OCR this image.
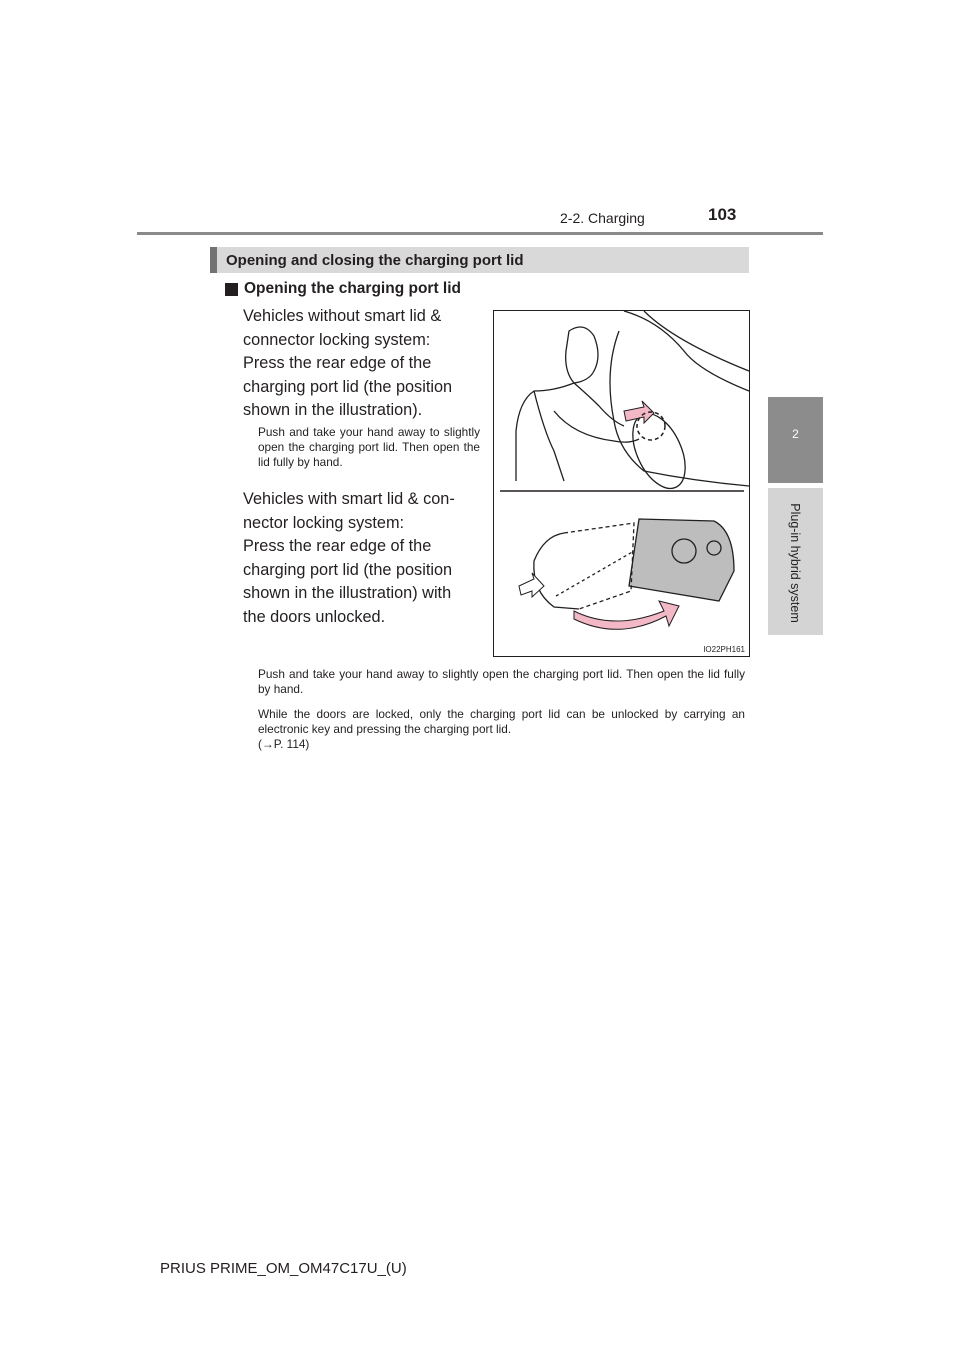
2-2. Charging	103
2
Plug-in hybrid system
Opening and closing the charging port lid
Opening the charging port lid
Vehicles without smart lid &
connector locking system:
Press the rear edge of the
charging port lid (the position
shown in the illustration).
Push and take your hand away to slightly open the charging port lid. Then open the lid fully by hand.
Vehicles with smart lid & con-
nector locking system:
Press the rear edge of the
charging port lid (the position
shown in the illustration) with
the doors unlocked.
Push and take your hand away to slightly open the charging port lid. Then open the lid fully by hand.
While the doors are locked, only the charging port lid can be unlocked by carrying an electronic key and pressing the charging port lid.
(→P. 114)
IO22PH161
PRIUS PRIME_OM_OM47C17U_(U)
